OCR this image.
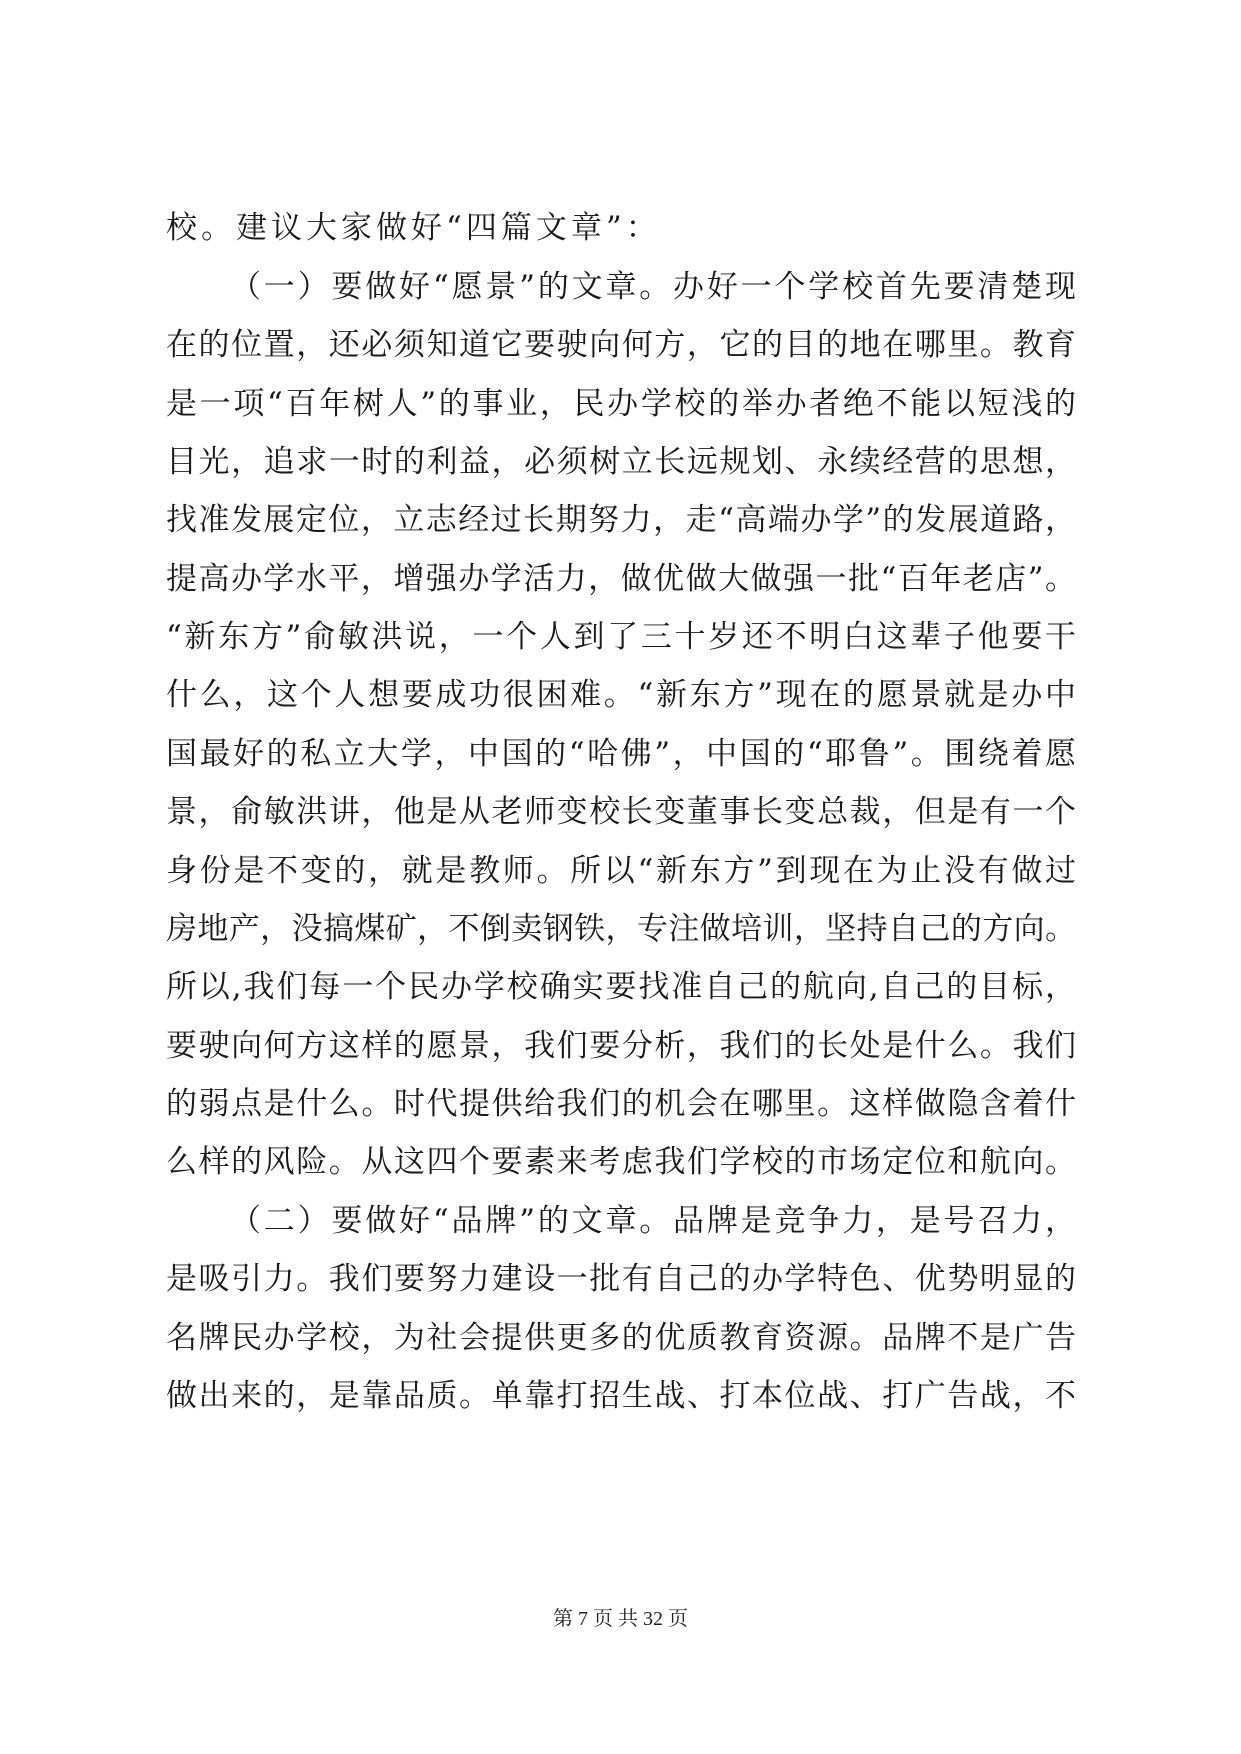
校。建议大家做好“四篇文章”：
（一）要做好“愿景”的文章。办好一个学校首先要清楚现
在的位置，还必须知道它要驶向何方，它的目的地在哪里。教育
是一项“百年树人”的事业，民办学校的举办者绝不能以短浅的
目光，追求一时的利益，必须树立长远规划、永续经营的思想，
找准发展定位，立志经过长期努力，走“高端办学”的发展道路，
提高办学水平，增强办学活力，做优做大做强一批“百年老店”。
“新东方”俞敏洪说，一个人到了三十岁还不明白这辈子他要干
什么，这个人想要成功很困难。“新东方”现在的愿景就是办中
国最好的私立大学，中国的“哈佛”，中国的“耶鲁”。围绕着愿
景，俞敏洪讲，他是从老师变校长变董事长变总裁，但是有一个
身份是不变的，就是教师。所以“新东方”到现在为止没有做过
房地产，没搞煤矿，不倒卖钢铁，专注做培训，坚持自己的方向。
所以,我们每一个民办学校确实要找准自己的航向,自己的目标，
要驶向何方这样的愿景，我们要分析，我们的长处是什么。我们
的弱点是什么。时代提供给我们的机会在哪里。这样做隐含着什
么样的风险。从这四个要素来考虑我们学校的市场定位和航向。
（二）要做好“品牌”的文章。品牌是竞争力，是号召力，
是吸引力。我们要努力建设一批有自己的办学特色、优势明显的
名牌民办学校，为社会提供更多的优质教育资源。品牌不是广告
做出来的，是靠品质。单靠打招生战、打本位战、打广告战，不
第 7 页 共 32 页
